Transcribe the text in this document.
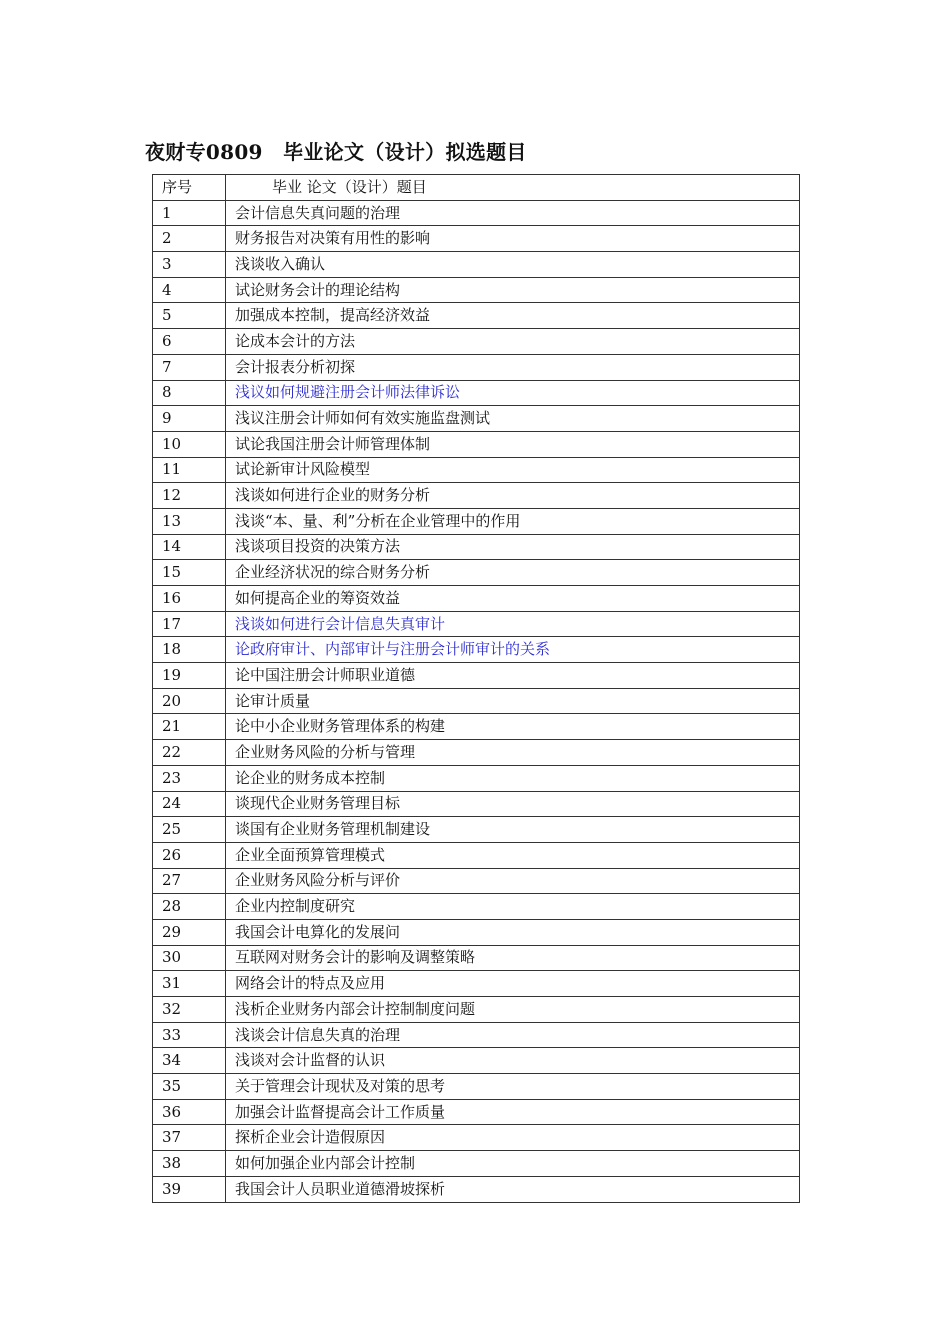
夜财专0809　毕业论文（设计）拟选题目
序号	毕业 论文（设计）题目
1	会计信息失真问题的治理
2	财务报告对决策有用性的影响
3	浅谈收入确认
4	试论财务会计的理论结构
5	加强成本控制，提高经济效益
6	论成本会计的方法
7	会计报表分析初探
8	浅议如何规避注册会计师法律诉讼
9	浅议注册会计师如何有效实施监盘测试
10	试论我国注册会计师管理体制
11	试论新审计风险模型
12	浅谈如何进行企业的财务分析
13	浅谈“本、量、利”分析在企业管理中的作用
14	浅谈项目投资的决策方法
15	企业经济状况的综合财务分析
16	如何提高企业的筹资效益
17	浅谈如何进行会计信息失真审计
18	论政府审计、内部审计与注册会计师审计的关系
19	论中国注册会计师职业道德
20	论审计质量
21	论中小企业财务管理体系的构建
22	企业财务风险的分析与管理
23	论企业的财务成本控制
24	谈现代企业财务管理目标
25	谈国有企业财务管理机制建设
26	企业全面预算管理模式
27	企业财务风险分析与评价
28	企业内控制度研究
29	我国会计电算化的发展问
30	互联网对财务会计的影响及调整策略
31	网络会计的特点及应用
32	浅析企业财务内部会计控制制度问题
33	浅谈会计信息失真的治理
34	浅谈对会计监督的认识
35	关于管理会计现状及对策的思考
36	加强会计监督提高会计工作质量
37	探析企业会计造假原因
38	如何加强企业内部会计控制
39	我国会计人员职业道德滑坡探析
